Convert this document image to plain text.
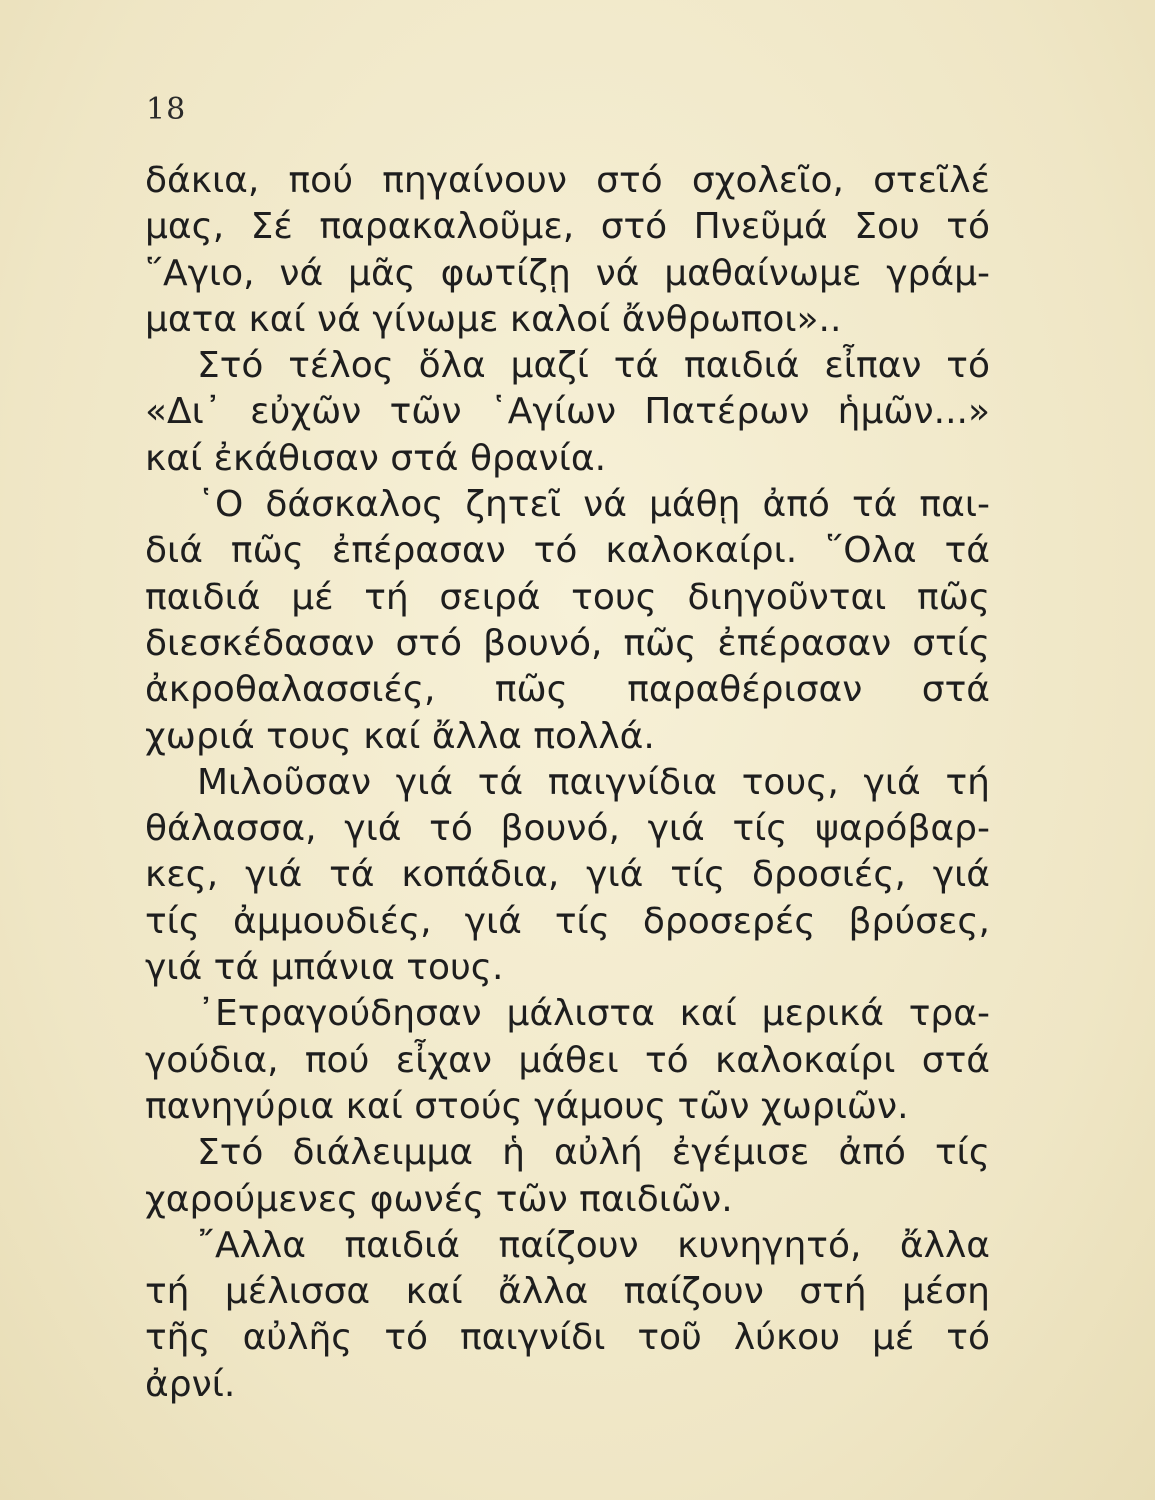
18
δάκια, πού πηγαίνουν στό σχολεῖο, στεῖλέ
μας, Σέ παρακαλοῦμε, στό Πνεῦμά Σου τό
῞Αγιο, νά μᾶς φωτίζῃ νά μαθαίνωμε γράμ-
ματα καί νά γίνωμε καλοί ἄνθρωποι»..
Στό τέλος ὅλα μαζί τά παιδιά εἶπαν τό
«Δι᾽ εὐχῶν τῶν ῾Αγίων Πατέρων ἡμῶν...»
καί ἐκάθισαν στά θρανία.
῾Ο δάσκαλος ζητεῖ νά μάθῃ ἀπό τά παι-
διά πῶς ἐπέρασαν τό καλοκαίρι. ῞Ολα τά
παιδιά μέ τή σειρά τους διηγοῦνται πῶς
διεσκέδασαν στό βουνό, πῶς ἐπέρασαν στίς
ἀκροθαλασσιές, πῶς παραθέρισαν στά
χωριά τους καί ἄλλα πολλά.
Μιλοῦσαν γιά τά παιγνίδια τους, γιά τή
θάλασσα, γιά τό βουνό, γιά τίς ψαρόβαρ-
κες, γιά τά κοπάδια, γιά τίς δροσιές, γιά
τίς ἀμμουδιές, γιά τίς δροσερές βρύσες,
γιά τά μπάνια τους.
᾽Ετραγούδησαν μάλιστα καί μερικά τρα-
γούδια, πού εἶχαν μάθει τό καλοκαίρι στά
πανηγύρια καί στούς γάμους τῶν χωριῶν.
Στό διάλειμμα ἡ αὐλή ἐγέμισε ἀπό τίς
χαρούμενες φωνές τῶν παιδιῶν.
῎Αλλα παιδιά παίζουν κυνηγητό, ἄλλα
τή μέλισσα καί ἄλλα παίζουν στή μέση
τῆς αὐλῆς τό παιγνίδι τοῦ λύκου μέ τό
ἀρνί.
